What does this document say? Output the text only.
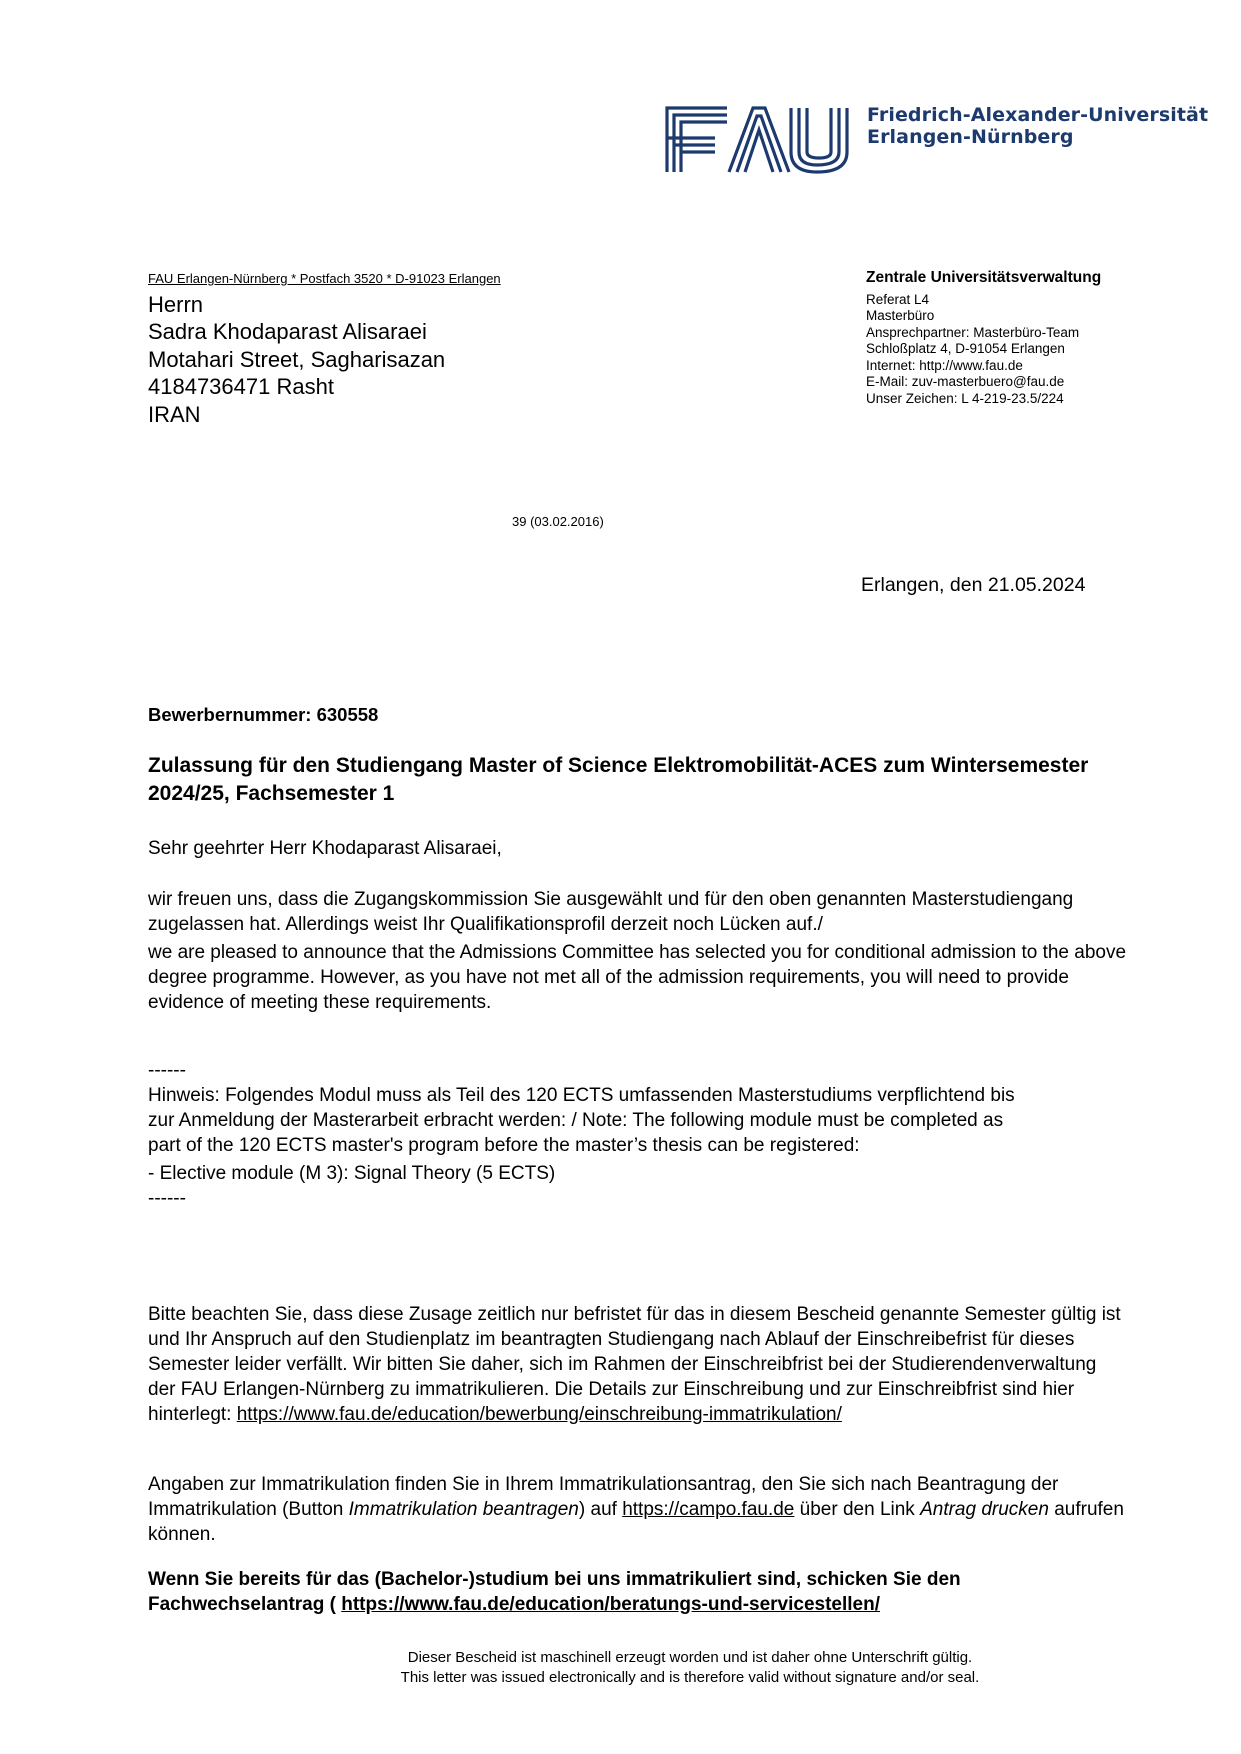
Friedrich-Alexander-Universität
Erlangen-Nürnberg
FAU Erlangen-Nürnberg * Postfach 3520 * D-91023 Erlangen
Herrn
Sadra Khodaparast Alisaraei
Motahari Street, Sagharisazan
4184736471 Rasht
IRAN
Zentrale Universitätsverwaltung
Referat L4
Masterbüro
Ansprechpartner: Masterbüro-Team
Schloßplatz 4, D-91054 Erlangen
Internet: http://www.fau.de
E-Mail: zuv-masterbuero@fau.de
Unser Zeichen: L 4-219-23.5/224
39 (03.02.2016)
Erlangen, den 21.05.2024
Bewerbernummer: 630558
Zulassung für den Studiengang Master of Science Elektromobilität-ACES zum Wintersemester 2024/25, Fachsemester 1
Sehr geehrter Herr Khodaparast Alisaraei,
wir freuen uns, dass die Zugangskommission Sie ausgewählt und für den oben genannten Masterstudiengang zugelassen hat. Allerdings weist Ihr Qualifikationsprofil derzeit noch Lücken auf./
we are pleased to announce that the Admissions Committee has selected you for conditional admission to the above degree programme. However, as you have not met all of the admission requirements, you will need to provide evidence of meeting these requirements.
------
Hinweis: Folgendes Modul muss als Teil des 120 ECTS umfassenden Masterstudiums verpflichtend bis
zur Anmeldung der Masterarbeit erbracht werden: / Note: The following module must be completed as
part of the 120 ECTS master's program before the master’s thesis can be registered:
- Elective module (M 3): Signal Theory (5 ECTS)
------
Bitte beachten Sie, dass diese Zusage zeitlich nur befristet für das in diesem Bescheid genannte Semester gültig ist und Ihr Anspruch auf den Studienplatz im beantragten Studiengang nach Ablauf der Einschreibefrist für dieses Semester leider verfällt. Wir bitten Sie daher, sich im Rahmen der Einschreibfrist bei der Studierendenverwaltung der FAU Erlangen-Nürnberg zu immatrikulieren. Die Details zur Einschreibung und zur Einschreibfrist sind hier hinterlegt: https://www.fau.de/education/bewerbung/einschreibung-immatrikulation/
Angaben zur Immatrikulation finden Sie in Ihrem Immatrikulationsantrag, den Sie sich nach Beantragung der Immatrikulation (Button Immatrikulation beantragen) auf https://campo.fau.de über den Link Antrag drucken aufrufen können.
Wenn Sie bereits für das (Bachelor-)studium bei uns immatrikuliert sind, schicken Sie den Fachwechselantrag ( https://www.fau.de/education/beratungs-und-servicestellen/
Dieser Bescheid ist maschinell erzeugt worden und ist daher ohne Unterschrift gültig.
This letter was issued electronically and is therefore valid without signature and/or seal.
